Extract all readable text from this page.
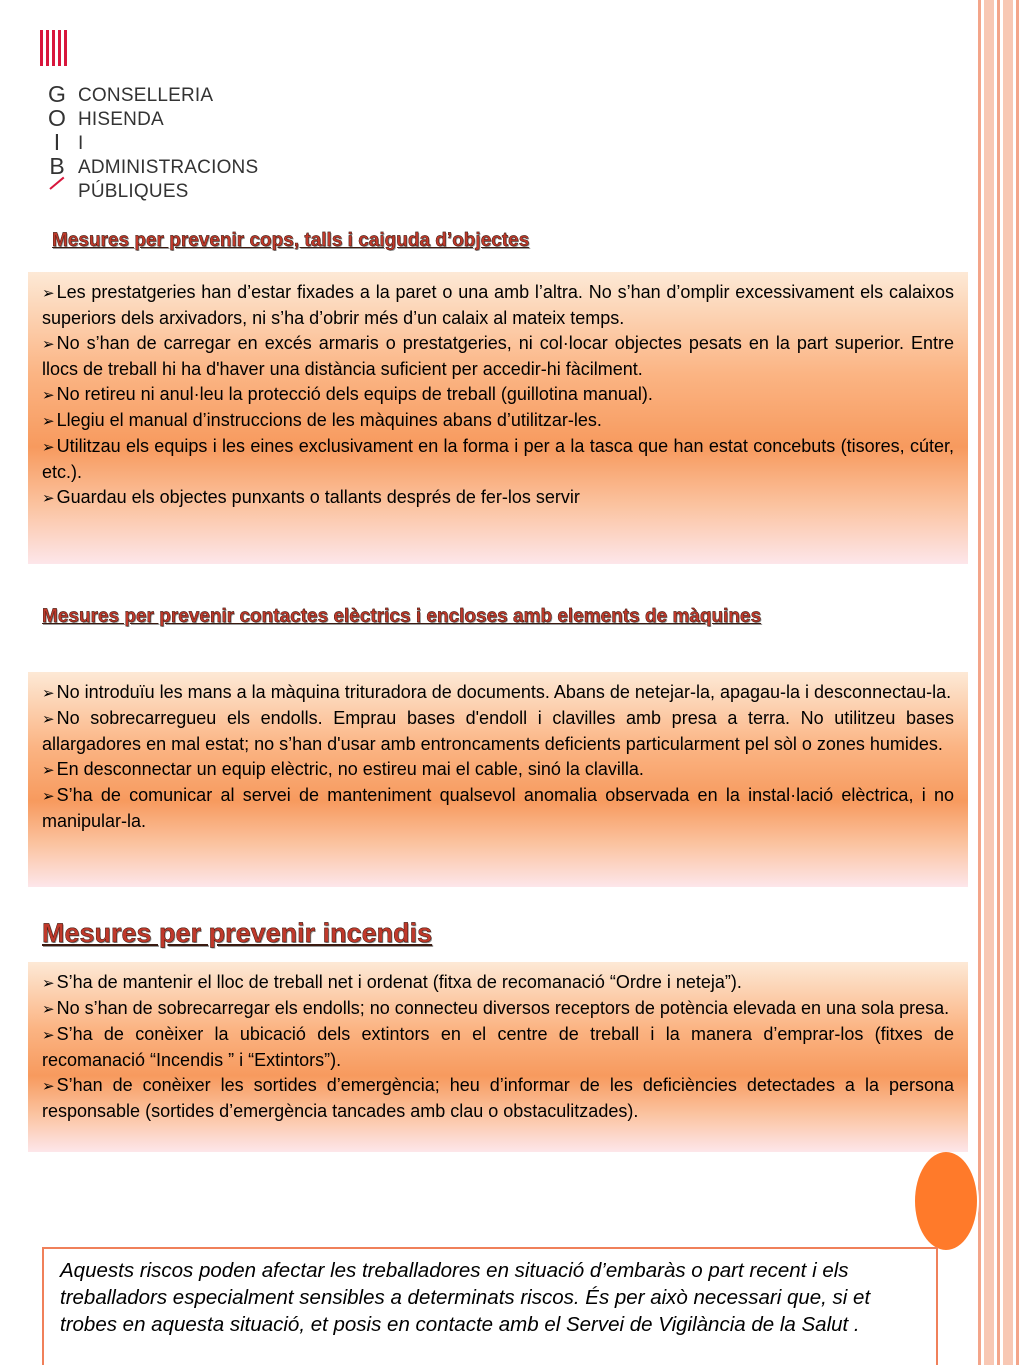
G
O
I
B
CONSELLERIA
HISENDA
I ADMINISTRACIONS
PÚBLIQUES
Mesures per prevenir cops, talls i caiguda d’objectes
➢ Les prestatgeries han d’estar fixades a la paret o una amb l’altra. No s’han d’omplir excessivament els calaixos superiors dels arxivadors, ni s’ha d’obrir més d’un calaix al mateix temps.
➢ No s’han de carregar en excés armaris o prestatgeries, ni col·locar objectes pesats en la part superior. Entre llocs de treball hi ha d'haver una distància suficient per accedir-hi fàcilment.
➢ No retireu ni anul·leu la protecció dels equips de treball (guillotina manual).
➢ Llegiu el manual d’instruccions de les màquines abans d’utilitzar-les.
➢ Utilitzau els equips i les eines exclusivament en la forma i per a la tasca que han estat concebuts (tisores, cúter, etc.).
➢ Guardau els objectes punxants o tallants després de fer-los servir
Mesures per prevenir contactes elèctrics i encloses amb elements de màquines
➢ No introduïu les mans a la màquina trituradora de documents. Abans de netejar-la, apagau-la i desconnectau-la.
➢ No sobrecarregueu els endolls. Emprau bases d'endoll i clavilles amb presa a terra. No utilitzeu bases allargadores en mal estat; no s’han d'usar amb entroncaments deficients particularment pel sòl o zones humides.
➢ En desconnectar un equip elèctric, no estireu mai el cable, sinó la clavilla.
➢ S’ha de comunicar al servei de manteniment qualsevol anomalia observada en la instal·lació elèctrica, i no manipular-la.
Mesures per prevenir incendis
➢ S’ha de mantenir el lloc de treball net i ordenat (fitxa de recomanació “Ordre i neteja”).
➢ No s’han de sobrecarregar els endolls; no connecteu diversos receptors de potència elevada en una sola presa.
➢ S’ha de conèixer la ubicació dels extintors en el centre de treball i la manera d’emprar-los (fitxes de recomanació “Incendis ” i “Extintors”).
➢ S’han de conèixer les sortides d’emergència; heu d’informar de les deficiències detectades a la persona responsable (sortides d’emergència tancades amb clau o obstaculitzades).

Aquests riscos poden afectar les treballadores en situació d’embaràs o part recent i els treballadors especialment sensibles a determinats riscos. És per això necessari que, si et trobes en aquesta situació, et posis en contacte amb el Servei de Vigilància de la Salut .
